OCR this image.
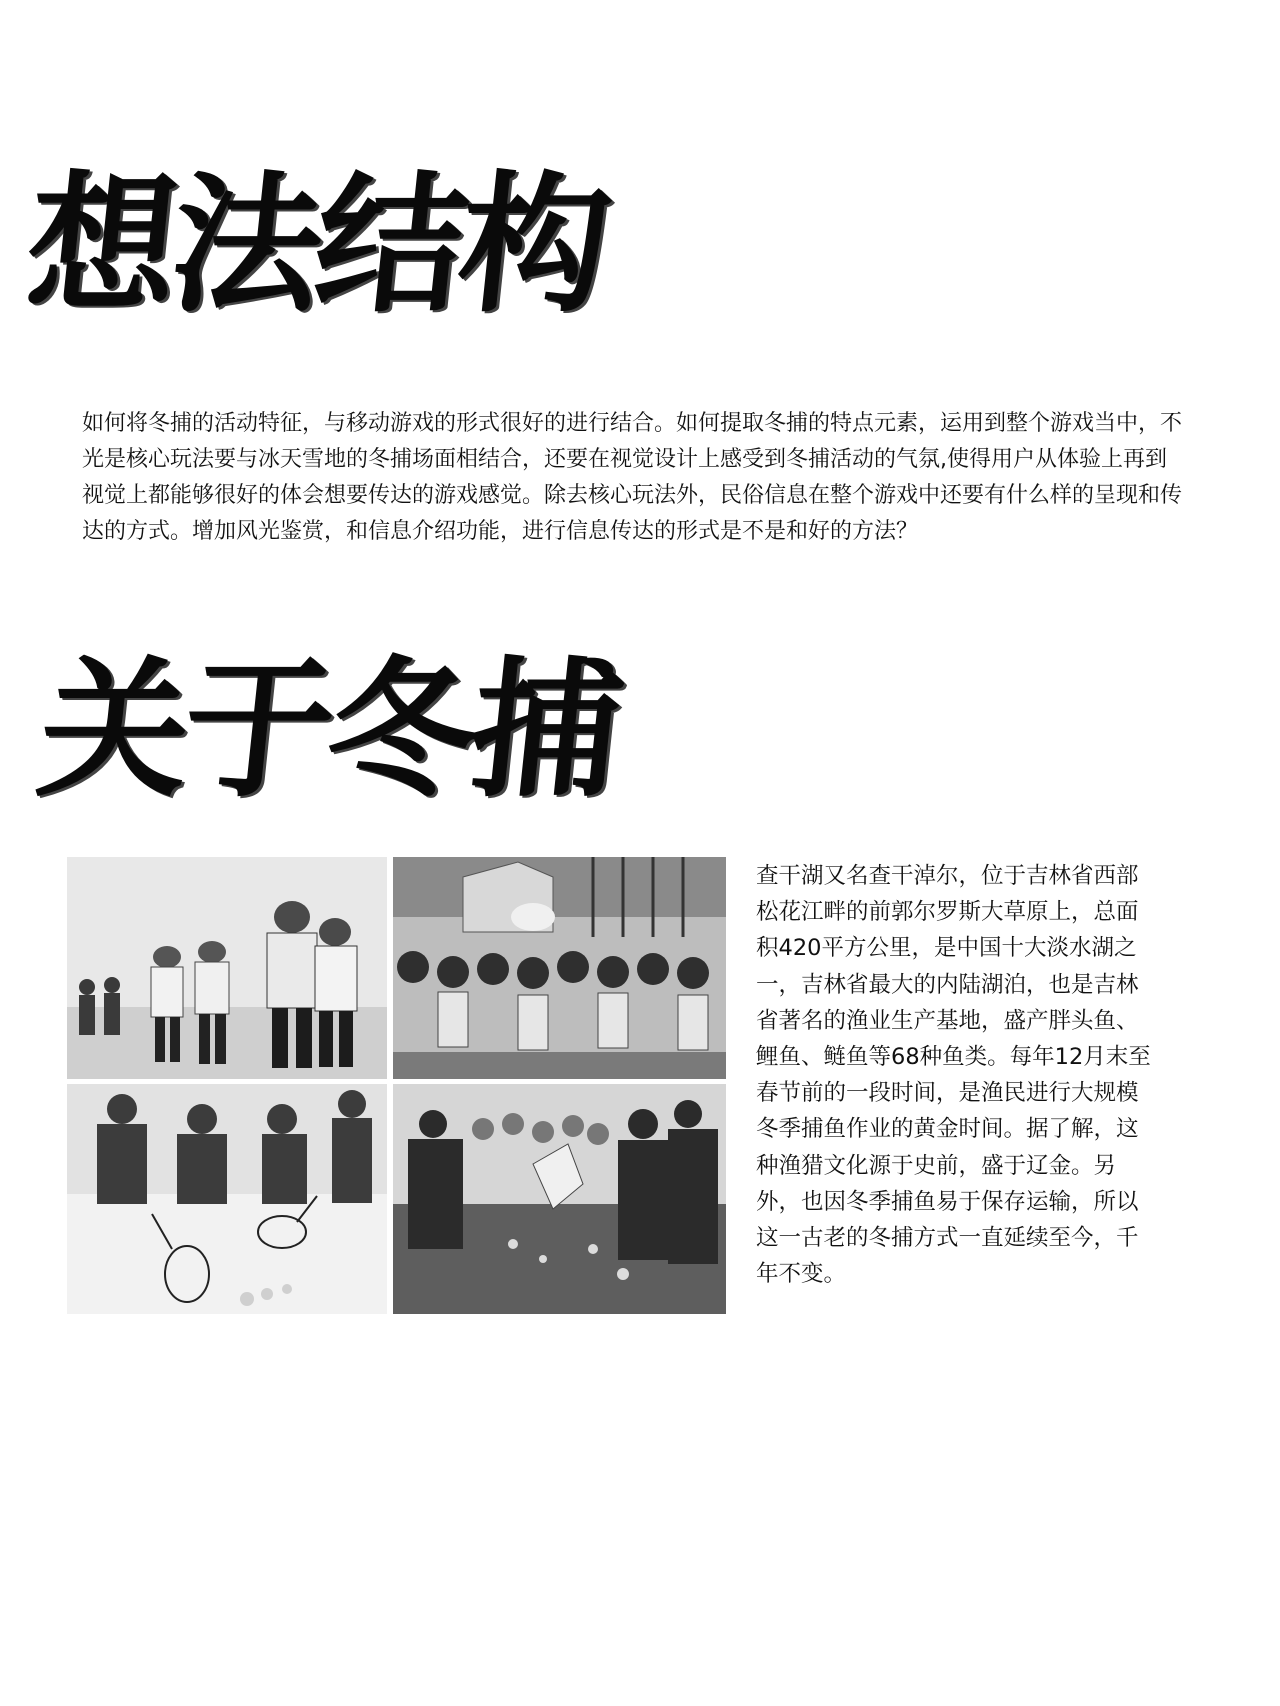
想法结构

如何将冬捕的活动特征，与移动游戏的形式很好的进行结合。如何提取冬捕的特点元素，运用到整个游戏当中，不光是核心玩法要与冰天雪地的冬捕场面相结合，还要在视觉设计上感受到冬捕活动的气氛,使得用户从体验上再到视觉上都能够很好的体会想要传达的游戏感觉。除去核心玩法外，民俗信息在整个游戏中还要有什么样的呈现和传达的方式。增加风光鉴赏，和信息介绍功能，进行信息传达的形式是不是和好的方法？

关于冬捕

查干湖又名查干淖尔，位于吉林省西部松花江畔的前郭尔罗斯大草原上，总面积420平方公里，是中国十大淡水湖之一，吉林省最大的内陆湖泊，也是吉林省著名的渔业生产基地，盛产胖头鱼、鲤鱼、鲢鱼等68种鱼类。每年12月末至春节前的一段时间，是渔民进行大规模冬季捕鱼作业的黄金时间。据了解，这种渔猎文化源于史前，盛于辽金。另外，也因冬季捕鱼易于保存运输，所以这一古老的冬捕方式一直延续至今，千年不变。
